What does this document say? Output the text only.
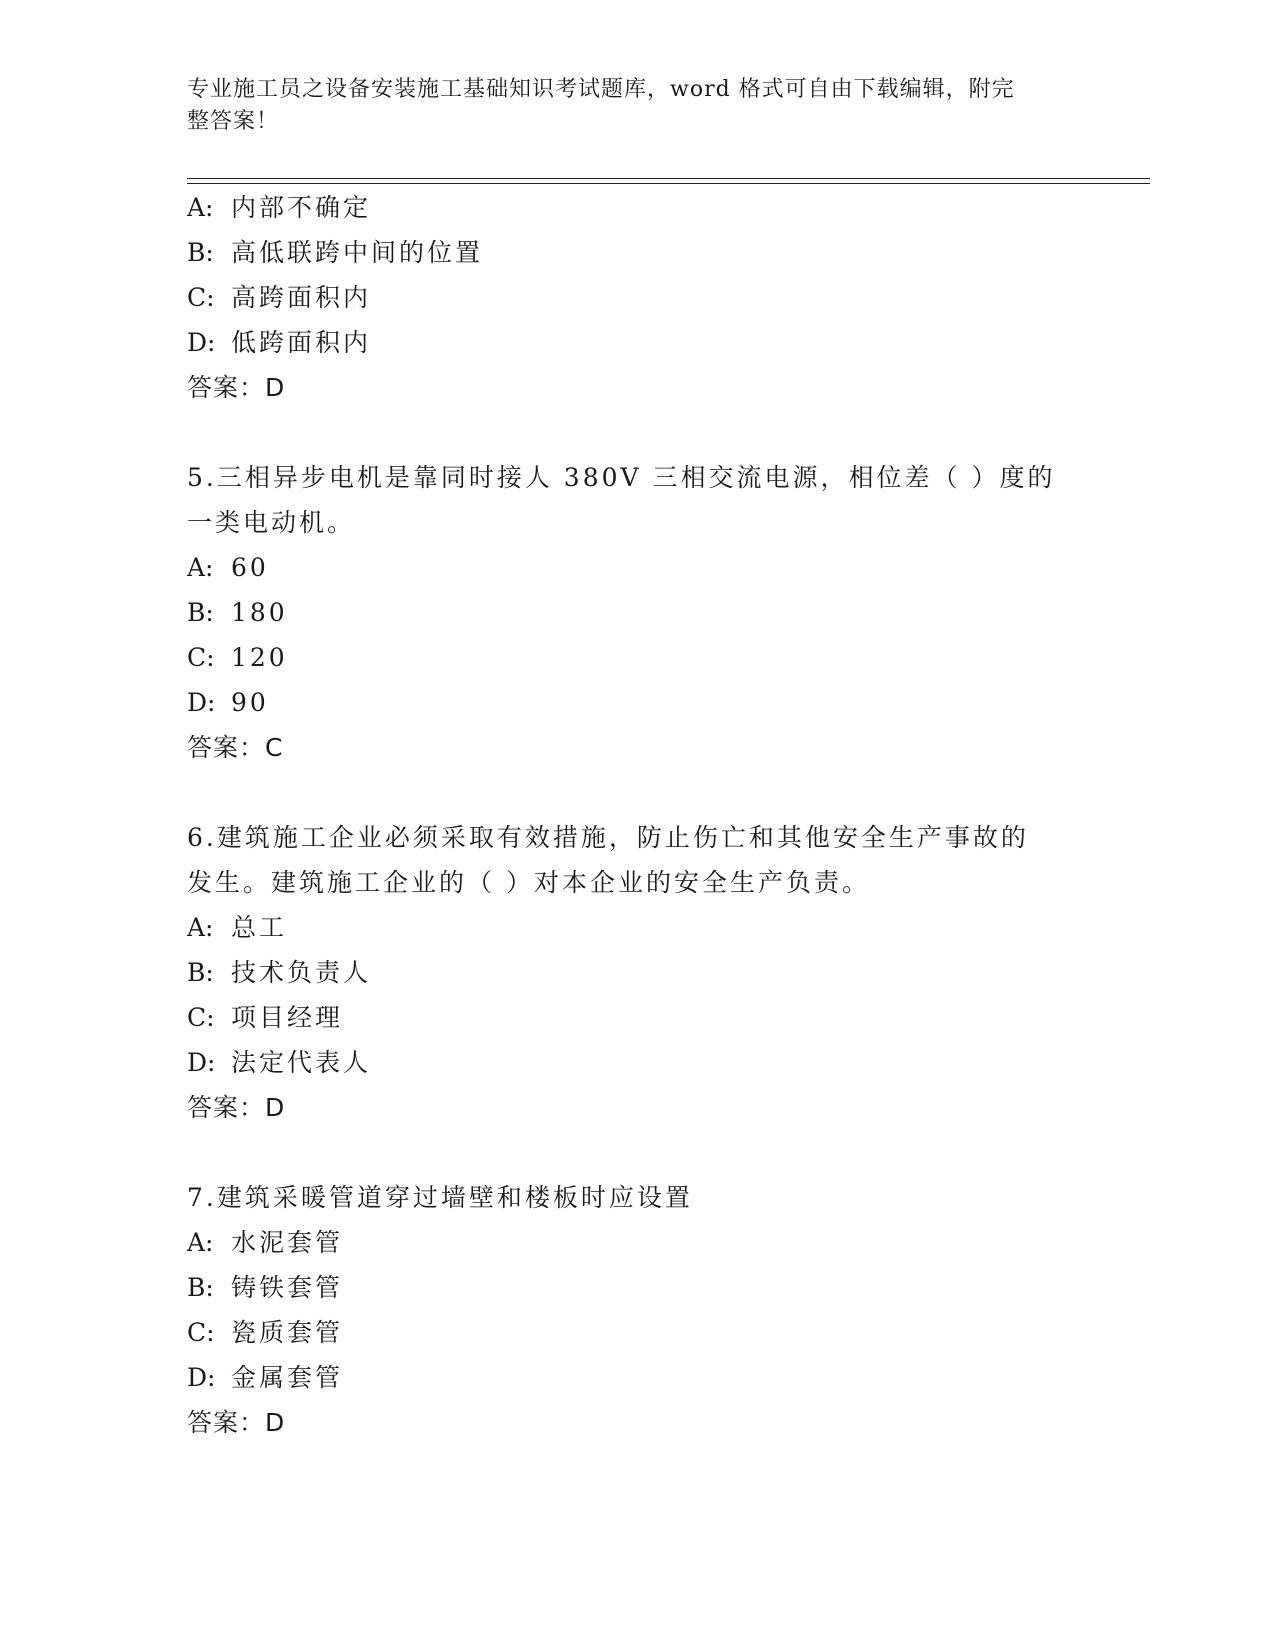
专业施工员之设备安装施工基础知识考试题库，word 格式可自由下载编辑，附完
整答案！
A: 内部不确定
B: 高低联跨中间的位置
C: 高跨面积内
D: 低跨面积内
答案：D
5.三相异步电机是靠同时接人 380V 三相交流电源，相位差（ ）度的
一类电动机。
A: 60
B: 180
C: 120
D: 90
答案：C
6.建筑施工企业必须采取有效措施，防止伤亡和其他安全生产事故的
发生。建筑施工企业的（ ）对本企业的安全生产负责。
A: 总工
B: 技术负责人
C: 项目经理
D: 法定代表人
答案：D
7.建筑采暖管道穿过墙壁和楼板时应设置
A: 水泥套管
B: 铸铁套管
C: 瓷质套管
D: 金属套管
答案：D
